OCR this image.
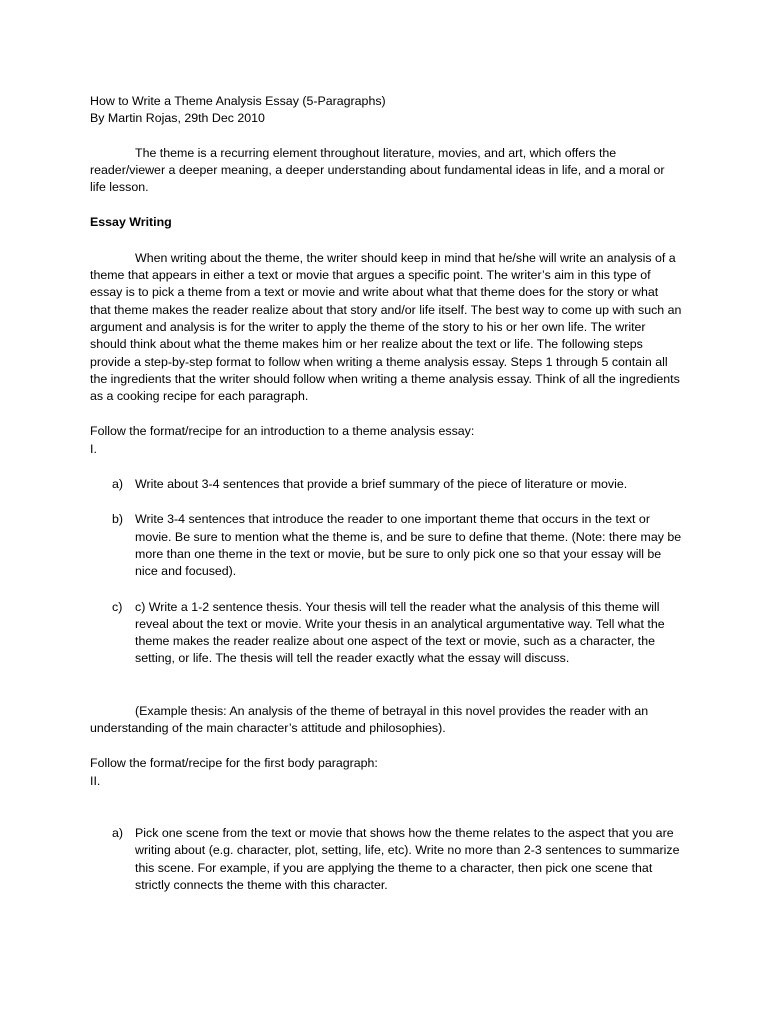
How to Write a Theme Analysis Essay (5-Paragraphs)
By Martin Rojas, 29th Dec 2010

The theme is a recurring element throughout literature, movies, and art, which offers the reader/viewer a deeper meaning, a deeper understanding about fundamental ideas in life, and a moral or life lesson.

Essay Writing

When writing about the theme, the writer should keep in mind that he/she will write an analysis of a theme that appears in either a text or movie that argues a specific point. The writer’s aim in this type of essay is to pick a theme from a text or movie and write about what that theme does for the story or what that theme makes the reader realize about that story and/or life itself. The best way to come up with such an argument and analysis is for the writer to apply the theme of the story to his or her own life. The writer should think about what the theme makes him or her realize about the text or life. The following steps provide a step-by-step format to follow when writing a theme analysis essay. Steps 1 through 5 contain all the ingredients that the writer should follow when writing a theme analysis essay. Think of all the ingredients as a cooking recipe for each paragraph.

Follow the format/recipe for an introduction to a theme analysis essay:
I.
a) Write about 3-4 sentences that provide a brief summary of the piece of literature or movie.
b) Write 3-4 sentences that introduce the reader to one important theme that occurs in the text or movie. Be sure to mention what the theme is, and be sure to define that theme. (Note: there may be more than one theme in the text or movie, but be sure to only pick one so that your essay will be nice and focused).
c) c) Write a 1-2 sentence thesis. Your thesis will tell the reader what the analysis of this theme will reveal about the text or movie. Write your thesis in an analytical argumentative way. Tell what the theme makes the reader realize about one aspect of the text or movie, such as a character, the setting, or life. The thesis will tell the reader exactly what the essay will discuss.

(Example thesis: An analysis of the theme of betrayal in this novel provides the reader with an understanding of the main character’s attitude and philosophies).

Follow the format/recipe for the first body paragraph:
II.
a) Pick one scene from the text or movie that shows how the theme relates to the aspect that you are writing about (e.g. character, plot, setting, life, etc). Write no more than 2-3 sentences to summarize this scene. For example, if you are applying the theme to a character, then pick one scene that strictly connects the theme with this character.
